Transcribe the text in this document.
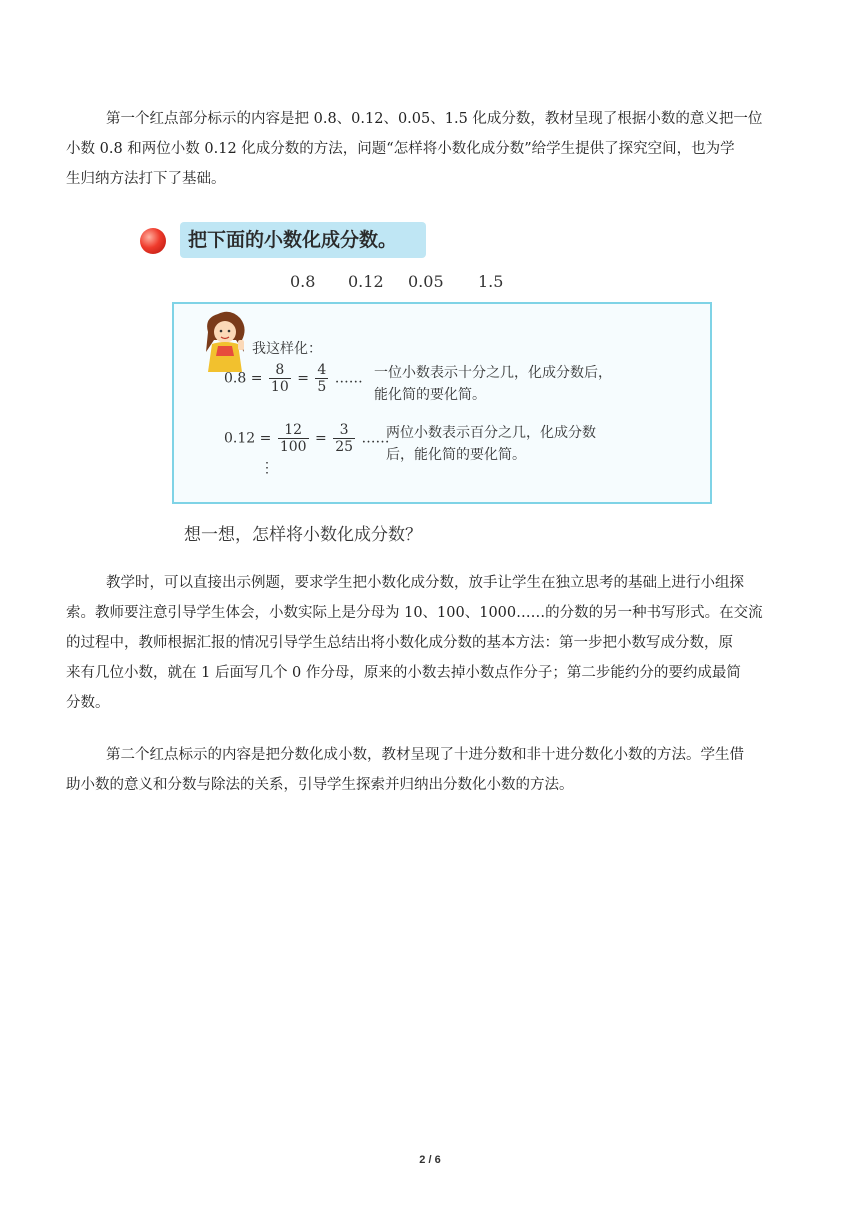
第一个红点部分标示的内容是把 0.8、0.12、0.05、1.5 化成分数，教材呈现了根据小数的意义把一位
小数 0.8 和两位小数 0.12 化成分数的方法，问题“怎样将小数化成分数”给学生提供了探究空间，也为学
生归纳方法打下了基础。
把下面的小数化成分数。
0.8 0.12 0.05 1.5
我这样化：
$0.8 = \frac{8}{10} = \frac{4}{5}$ …… 一位小数表示十分之几，化成分数后，
能化简的要化简。
$0.12 = \frac{12}{100} = \frac{3}{25}$ ……
两位小数表示百分之几，化成分数
后，能化简的要化简。
⋮
想一想，怎样将小数化成分数？
教学时，可以直接出示例题，要求学生把小数化成分数，放手让学生在独立思考的基础上进行小组探
索。教师要注意引导学生体会，小数实际上是分母为 10、100、1000……的分数的另一种书写形式。在交流
的过程中，教师根据汇报的情况引导学生总结出将小数化成分数的基本方法：第一步把小数写成分数，原
来有几位小数，就在 1 后面写几个 0 作分母，原来的小数去掉小数点作分子；第二步能约分的要约成最简
分数。
第二个红点标示的内容是把分数化成小数，教材呈现了十进分数和非十进分数化小数的方法。学生借
助小数的意义和分数与除法的关系，引导学生探索并归纳出分数化小数的方法。
2 / 6
